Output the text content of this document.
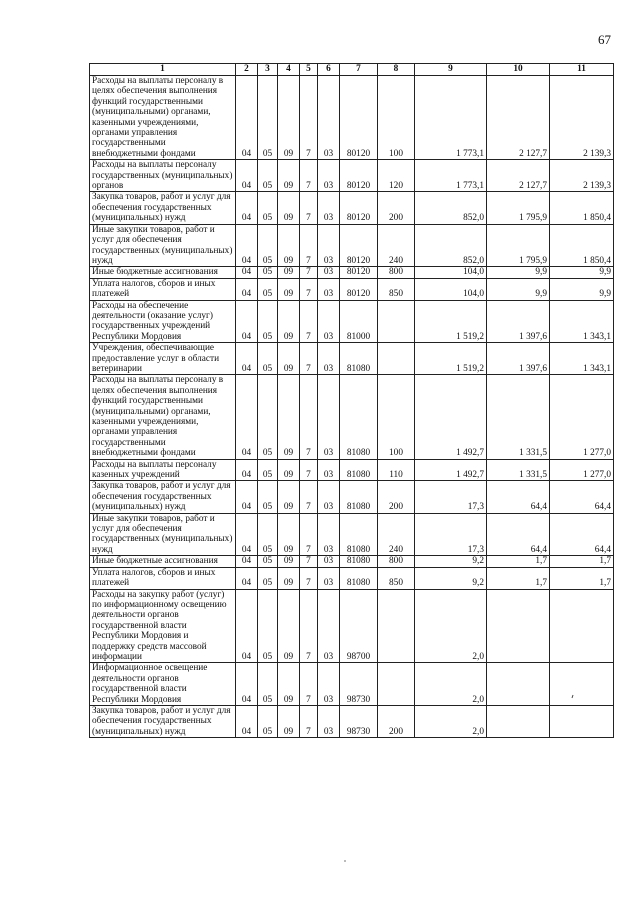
67
1	2	3	4	5	6	7	8	9	10	11
Расходы на выплаты персоналу в целях обеспечения выполнения функций государственными (муниципальными) органами, казенными учреждениями, органами управления государственными внебюджетными фондами	04	05	09	7	03	80120	100	1 773,1	2 127,7	2 139,3
Расходы на выплаты персоналу государственных (муниципальных) органов	04	05	09	7	03	80120	120	1 773,1	2 127,7	2 139,3
Закупка товаров, работ и услуг для обеспечения государственных (муниципальных) нужд	04	05	09	7	03	80120	200	852,0	1 795,9	1 850,4
Иные закупки товаров, работ и услуг для обеспечения государственных (муниципальных) нужд	04	05	09	7	03	80120	240	852,0	1 795,9	1 850,4
Иные бюджетные ассигнования	04	05	09	7	03	80120	800	104,0	9,9	9,9
Уплата налогов, сборов и иных платежей	04	05	09	7	03	80120	850	104,0	9,9	9,9
Расходы на обеспечение деятельности (оказание услуг) государственных учреждений Республики Мордовия	04	05	09	7	03	81000		1 519,2	1 397,6	1 343,1
Учреждения, обеспечивающие предоставление услуг в области ветеринарии	04	05	09	7	03	81080		1 519,2	1 397,6	1 343,1
Расходы на выплаты персоналу в целях обеспечения выполнения функций государственными (муниципальными) органами, казенными учреждениями, органами управления государственными внебюджетными фондами	04	05	09	7	03	81080	100	1 492,7	1 331,5	1 277,0
Расходы на выплаты персоналу казенных учреждений	04	05	09	7	03	81080	110	1 492,7	1 331,5	1 277,0
Закупка товаров, работ и услуг для обеспечения государственных (муниципальных) нужд	04	05	09	7	03	81080	200	17,3	64,4	64,4
Иные закупки товаров, работ и услуг для обеспечения государственных (муниципальных) нужд	04	05	09	7	03	81080	240	17,3	64,4	64,4
Иные бюджетные ассигнования	04	05	09	7	03	81080	800	9,2	1,7	1,7
Уплата налогов, сборов и иных платежей	04	05	09	7	03	81080	850	9,2	1,7	1,7
Расходы на закупку работ (услуг) по информационному освещению деятельности органов государственной власти Республики Мордовия и поддержку средств массовой информации	04	05	09	7	03	98700		2,0		
Информационное освещение деятельности органов государственной власти Республики Мордовия	04	05	09	7	03	98730		2,0		
Закупка товаров, работ и услуг для обеспечения государственных (муниципальных) нужд	04	05	09	7	03	98730	200	2,0		
